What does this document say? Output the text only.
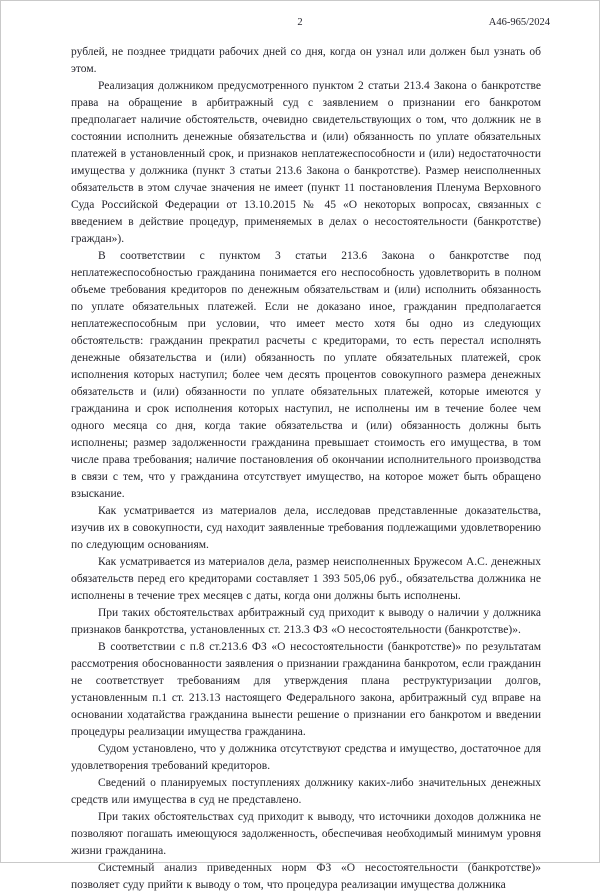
2	А46-965/2024

рублей, не позднее тридцати рабочих дней со дня, когда он узнал или должен был узнать об этом.

Реализация должником предусмотренного пунктом 2 статьи 213.4 Закона о банкротстве права на обращение в арбитражный суд с заявлением о признании его банкротом предполагает наличие обстоятельств, очевидно свидетельствующих о том, что должник не в состоянии исполнить денежные обязательства и (или) обязанность по уплате обязательных платежей в установленный срок, и признаков неплатежеспособности и (или) недостаточности имущества у должника (пункт 3 статьи 213.6 Закона о банкротстве). Размер неисполненных обязательств в этом случае значения не имеет (пункт 11 постановления Пленума Верховного Суда Российской Федерации от 13.10.2015 № 45 «О некоторых вопросах, связанных с введением в действие процедур, применяемых в делах о несостоятельности (банкротстве) граждан»).

В соответствии с пунктом 3 статьи 213.6 Закона о банкротстве под неплатежеспособностью гражданина понимается его неспособность удовлетворить в полном объеме требования кредиторов по денежным обязательствам и (или) исполнить обязанность по уплате обязательных платежей. Если не доказано иное, гражданин предполагается неплатежеспособным при условии, что имеет место хотя бы одно из следующих обстоятельств: гражданин прекратил расчеты с кредиторами, то есть перестал исполнять денежные обязательства и (или) обязанность по уплате обязательных платежей, срок исполнения которых наступил; более чем десять процентов совокупного размера денежных обязательств и (или) обязанности по уплате обязательных платежей, которые имеются у гражданина и срок исполнения которых наступил, не исполнены им в течение более чем одного месяца со дня, когда такие обязательства и (или) обязанность должны быть исполнены; размер задолженности гражданина превышает стоимость его имущества, в том числе права требования; наличие постановления об окончании исполнительного производства в связи с тем, что у гражданина отсутствует имущество, на которое может быть обращено взыскание.

Как усматривается из материалов дела, исследовав представленные доказательства, изучив их в совокупности, суд находит заявленные требования подлежащими удовлетворению по следующим основаниям.

Как усматривается из материалов дела, размер неисполненных Бружесом А.С. денежных обязательств перед его кредиторами составляет 1 393 505,06 руб., обязательства должника не исполнены в течение трех месяцев с даты, когда они должны быть исполнены.

При таких обстоятельствах арбитражный суд приходит к выводу о наличии у должника признаков банкротства, установленных ст. 213.3 ФЗ «О несостоятельности (банкротстве)».

В соответствии с п.8 ст.213.6 ФЗ «О несостоятельности (банкротстве)» по результатам рассмотрения обоснованности заявления о признании гражданина банкротом, если гражданин не соответствует требованиям для утверждения плана реструктуризации долгов, установленным п.1 ст. 213.13 настоящего Федерального закона, арбитражный суд вправе на основании ходатайства гражданина вынести решение о признании его банкротом и введении процедуры реализации имущества гражданина.

Судом установлено, что у должника отсутствуют средства и имущество, достаточное для удовлетворения требований кредиторов.

Сведений о планируемых поступлениях должнику каких-либо значительных денежных средств или имущества в суд не представлено.

При таких обстоятельствах суд приходит к выводу, что источники доходов должника не позволяют погашать имеющуюся задолженность, обеспечивая необходимый минимум уровня жизни гражданина.

Системный анализ приведенных норм ФЗ «О несостоятельности (банкротстве)» позволяет суду прийти к выводу о том, что процедура реализации имущества должника
